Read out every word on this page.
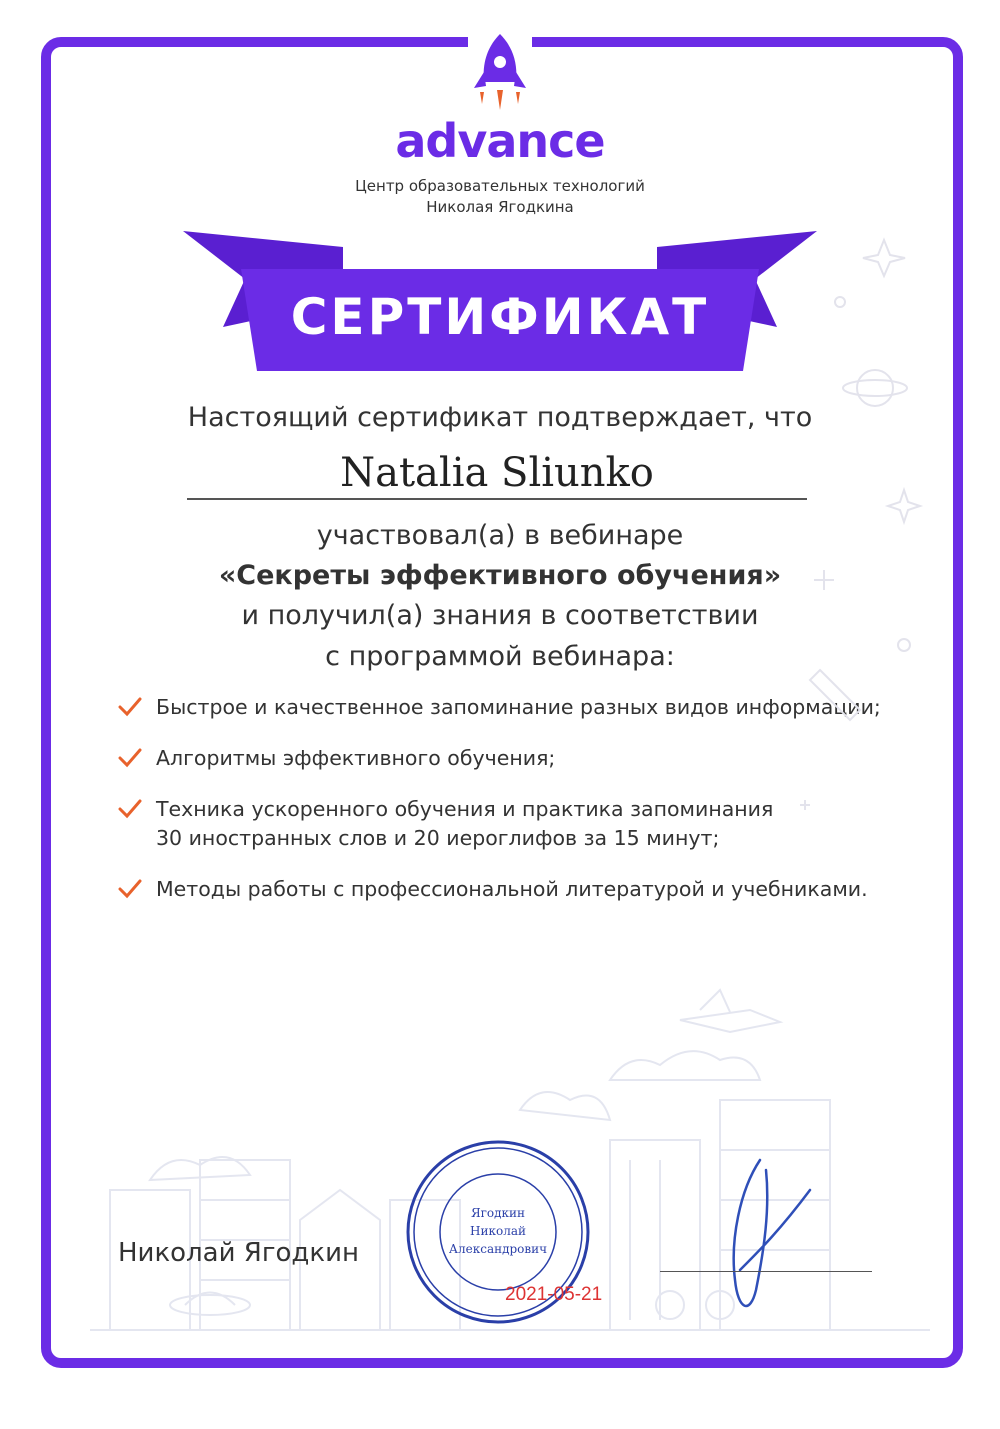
advance
Центр образовательных технологий
Николая Ягодкина
СЕРТИФИКАТ
Настоящий сертификат подтверждает, что
Natalia Sliunko
участвовал(а) в вебинаре
«Секреты эффективного обучения»
и получил(а) знания в соответствии
с программой вебинара:
Быстрое и качественное запоминание разных видов информации;
Алгоритмы эффективного обучения;
Техника ускоренного обучения и практика запоминания
30 иностранных слов и 20 иероглифов за 15 минут;
Методы работы с профессиональной литературой и учебниками.
Николай Ягодкин
Ягодкин
Николай
Александрович
2021-05-21
